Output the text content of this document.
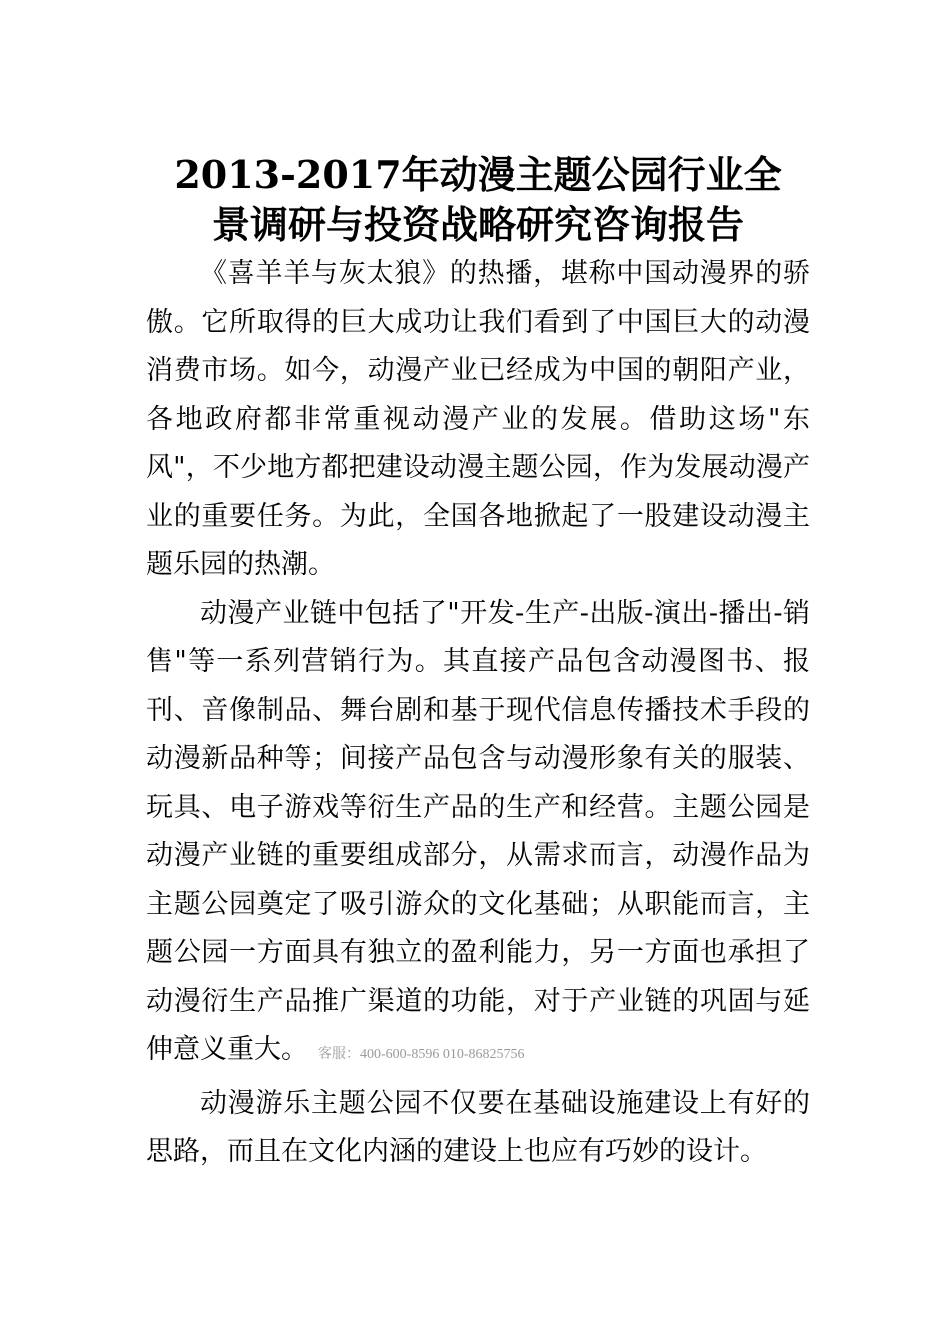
2013-2017年动漫主题公园行业全
景调研与投资战略研究咨询报告

《喜羊羊与灰太狼》的热播，堪称中国动漫界的骄傲。它所取得的巨大成功让我们看到了中国巨大的动漫消费市场。如今，动漫产业已经成为中国的朝阳产业，各地政府都非常重视动漫产业的发展。借助这场"东风"，不少地方都把建设动漫主题公园，作为发展动漫产业的重要任务。为此，全国各地掀起了一股建设动漫主题乐园的热潮。

动漫产业链中包括了"开发-生产-出版-演出-播出-销售"等一系列营销行为。其直接产品包含动漫图书、报刊、音像制品、舞台剧和基于现代信息传播技术手段的动漫新品种等；间接产品包含与动漫形象有关的服装、玩具、电子游戏等衍生产品的生产和经营。主题公园是动漫产业链的重要组成部分，从需求而言，动漫作品为主题公园奠定了吸引游众的文化基础；从职能而言，主题公园一方面具有独立的盈利能力，另一方面也承担了动漫衍生产品推广渠道的功能，对于产业链的巩固与延伸意义重大。 客服：400-600-8596 010-86825756

动漫游乐主题公园不仅要在基础设施建设上有好的思路，而且在文化内涵的建设上也应有巧妙的设计。
